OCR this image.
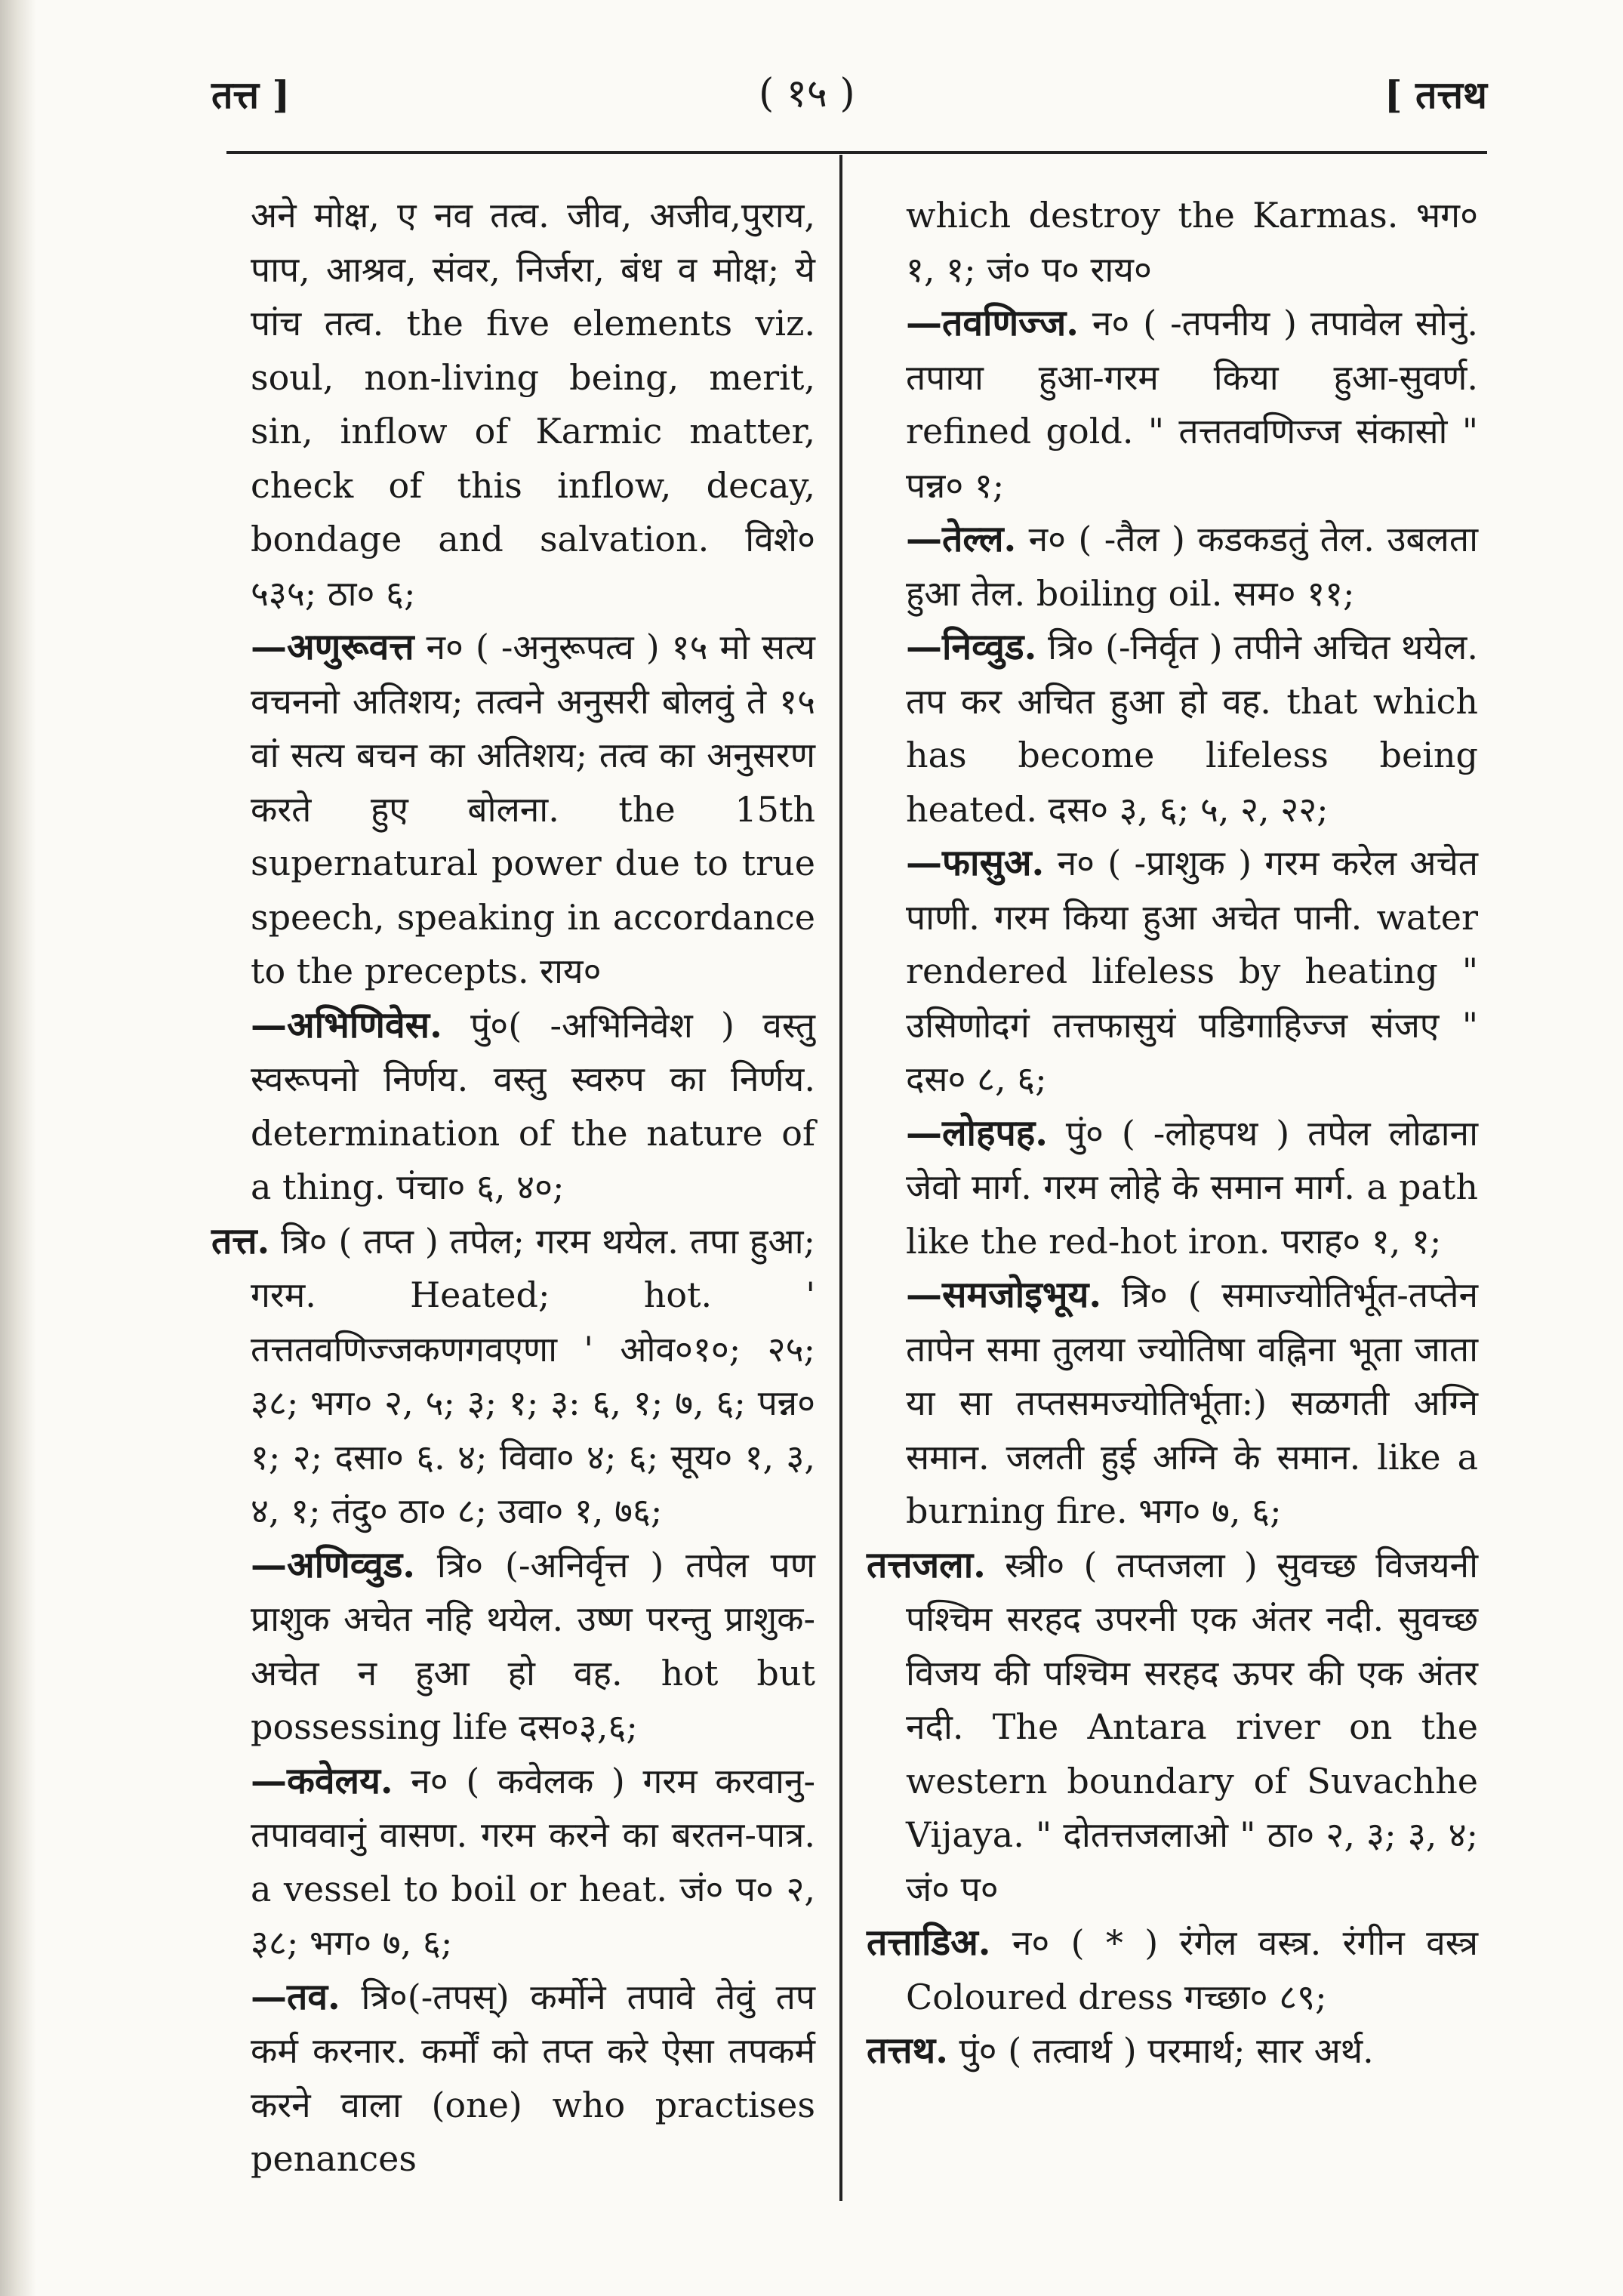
तत्त ]	( १५ )	[ तत्तथ

अने मोक्ष, ए नव तत्व. जीव, अजीव,पुराय, पाप, आश्रव, संवर, निर्जरा, बंध व मोक्ष; ये पांच तत्व. the five elements viz. soul, non-living being, merit, sin, inflow of Karmic matter, check of this inflow, decay, bondage and salvation. विशे० ५३५; ठा० ६;

—अणुरूवत्त न० ( -अनुरूपत्व ) १५ मो सत्य वचननो अतिशय; तत्वने अनुसरी बोलवुं ते १५ वां सत्य बचन का अतिशय; तत्व का अनुसरण करते हुए बोलना. the 15th supernatural power due to true speech, speaking in accordance to the precepts. राय०

—अभिणिवेस. पुं०( -अभिनिवेश ) वस्तु स्वरूपनो निर्णय. वस्तु स्वरुप का निर्णय. determination of the nature of a thing. पंचा० ६, ४०;

तत्त. त्रि० ( तप्त ) तपेल; गरम थयेल. तपा हुआ; गरम. Heated; hot. ' तत्ततवणिज्जकणगवएणा ' ओव०१०; २५; ३८; भग० २, ५; ३; १; ३: ६, १; ७, ६; पन्न० १; २; दसा० ६. ४; विवा० ४; ६; सूय० १, ३, ४, १; तंदु० ठा० ८; उवा० १, ७६;

—अणिव्वुड. त्रि० (-अनिर्वृत्त ) तपेल पण प्राशुक अचेत नहि थयेल. उष्ण परन्तु प्राशुक-अचेत न हुआ हो वह. hot but possessing life दस०३,६;

—कवेलय. न० ( कवेलक ) गरम करवानु-तपाववानुं वासण. गरम करने का बरतन-पात्र. a vessel to boil or heat. जं० प० २, ३८; भग० ७, ६;

—तव. त्रि०(-तपस्) कर्मोने तपावे तेवुं तप कर्म करनार. कर्मों को तप्त करे ऐसा तपकर्म करने वाला (one) who practises penances

which destroy the Karmas. भग० १, १; जं० प० राय०

—तवणिज्ज. न० ( -तपनीय ) तपावेल सोनुं. तपाया हुआ-गरम किया हुआ-सुवर्ण. refined gold. " तत्ततवणिज्ज संकासो " पन्न० १;

—तेल्ल. न० ( -तैल ) कडकडतुं तेल. उबलता हुआ तेल. boiling oil. सम० ११;

—निव्वुड. त्रि० (-निर्वृत ) तपीने अचित थयेल. तप कर अचित हुआ हो वह. that which has become lifeless being heated. दस० ३, ६; ५, २, २२;

—फासुअ. न० ( -प्राशुक ) गरम करेल अचेत पाणी. गरम किया हुआ अचेत पानी. water rendered lifeless by heating " उसिणोदगं तत्तफासुयं पडिगाहिज्ज संजए " दस० ८, ६;

—लोहपह. पुं० ( -लोहपथ ) तपेल लोढाना जेवो मार्ग. गरम लोहे के समान मार्ग. a path like the red-hot iron. पराह० १, १;

—समजोइभूय. त्रि० ( समाज्योतिर्भूत-तप्तेन तापेन समा तुलया ज्योतिषा वह्निना भूता जाता या सा तप्तसमज्योतिर्भूता:) सळगती अग्नि समान. जलती हुई अग्नि के समान. like a burning fire. भग० ७, ६;

तत्तजला. स्त्री० ( तप्तजला ) सुवच्छ विजयनी पश्चिम सरहद उपरनी एक अंतर नदी. सुवच्छ विजय की पश्चिम सरहद ऊपर की एक अंतर नदी. The Antara river on the western boundary of Suvachhe Vijaya. " दोतत्तजलाओ " ठा० २, ३; ३, ४; जं० प०

तत्ताडिअ. न० ( * ) रंगेल वस्त्र. रंगीन वस्त्र Coloured dress गच्छा० ८९;

तत्तथ. पुं० ( तत्वार्थ ) परमार्थ; सार अर्थ.
